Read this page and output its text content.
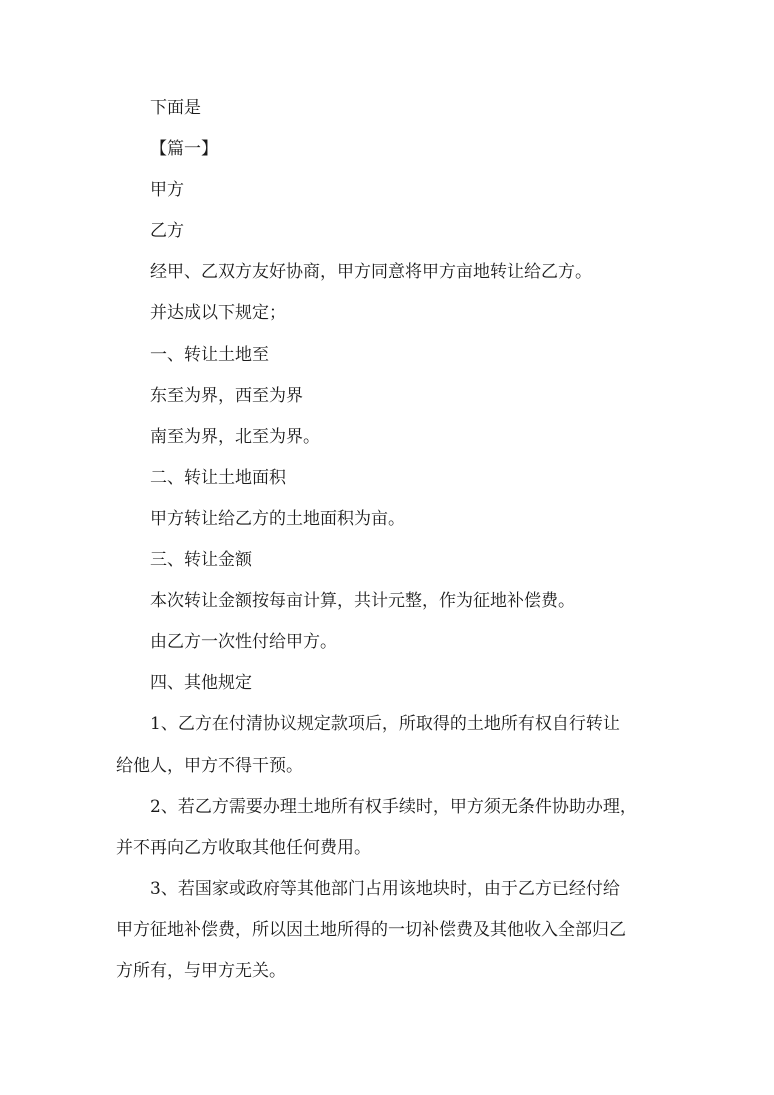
下面是
【篇一】
甲方
乙方
经甲、乙双方友好协商，甲方同意将甲方亩地转让给乙方。
并达成以下规定；
一、转让土地至
东至为界，西至为界
南至为界，北至为界。
二、转让土地面积
甲方转让给乙方的土地面积为亩。
三、转让金额
本次转让金额按每亩计算，共计元整，作为征地补偿费。
由乙方一次性付给甲方。
四、其他规定
1、乙方在付清协议规定款项后，所取得的土地所有权自行转让
给他人，甲方不得干预。
2、若乙方需要办理土地所有权手续时，甲方须无条件协助办理，
并不再向乙方收取其他任何费用。
3、若国家或政府等其他部门占用该地块时，由于乙方已经付给
甲方征地补偿费，所以因土地所得的一切补偿费及其他收入全部归乙
方所有，与甲方无关。
